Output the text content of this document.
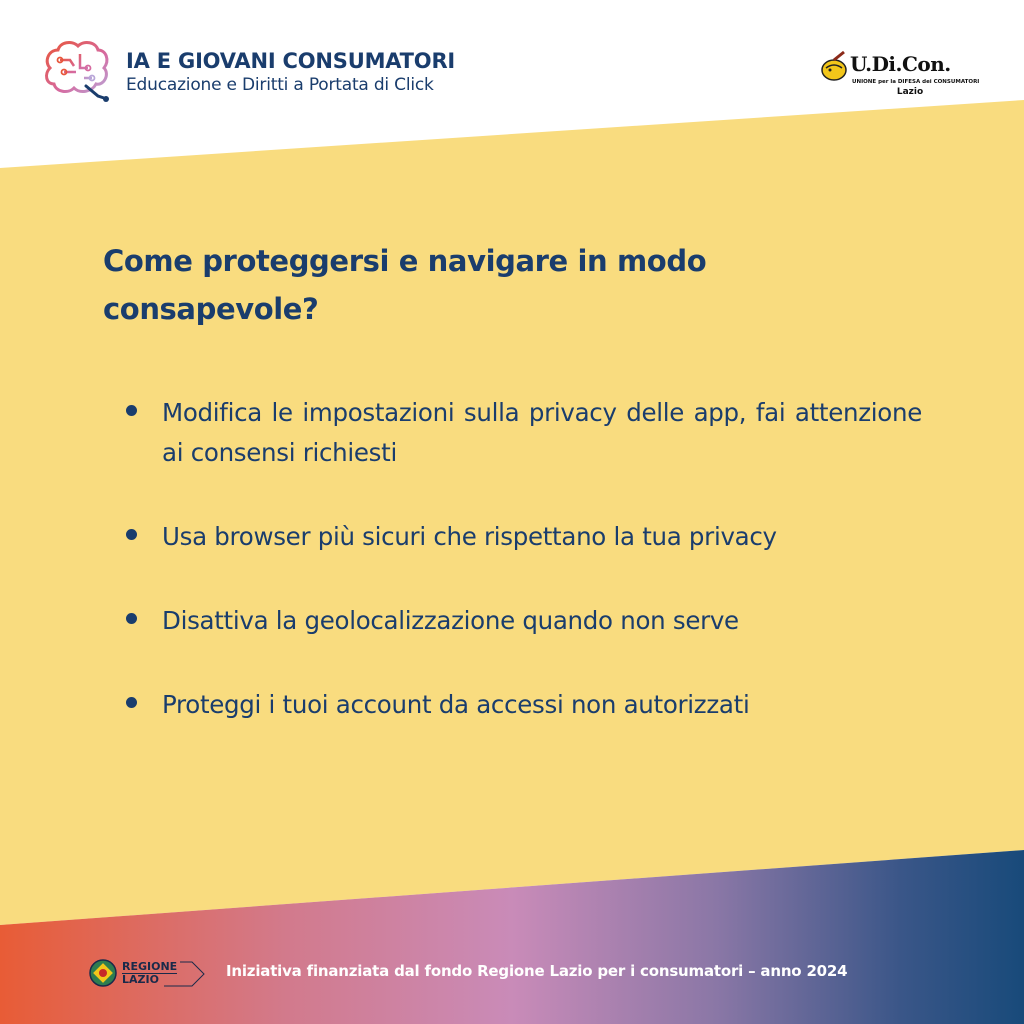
IA E GIOVANI CONSUMATORI
Educazione e Diritti a Portata di Click
U.Di.Con.
UNIONE per la DIFESA dei CONSUMATORI
Lazio
Come proteggersi e navigare in modo consapevole?
Modifica le impostazioni sulla privacy delle app, fai attenzione ai consensi richiesti
Usa browser più sicuri che rispettano la tua privacy
Disattiva la geolocalizzazione quando non serve
Proteggi i tuoi account da accessi non autorizzati
REGIONE
LAZIO	Iniziativa finanziata dal fondo Regione Lazio per i consumatori – anno 2024
